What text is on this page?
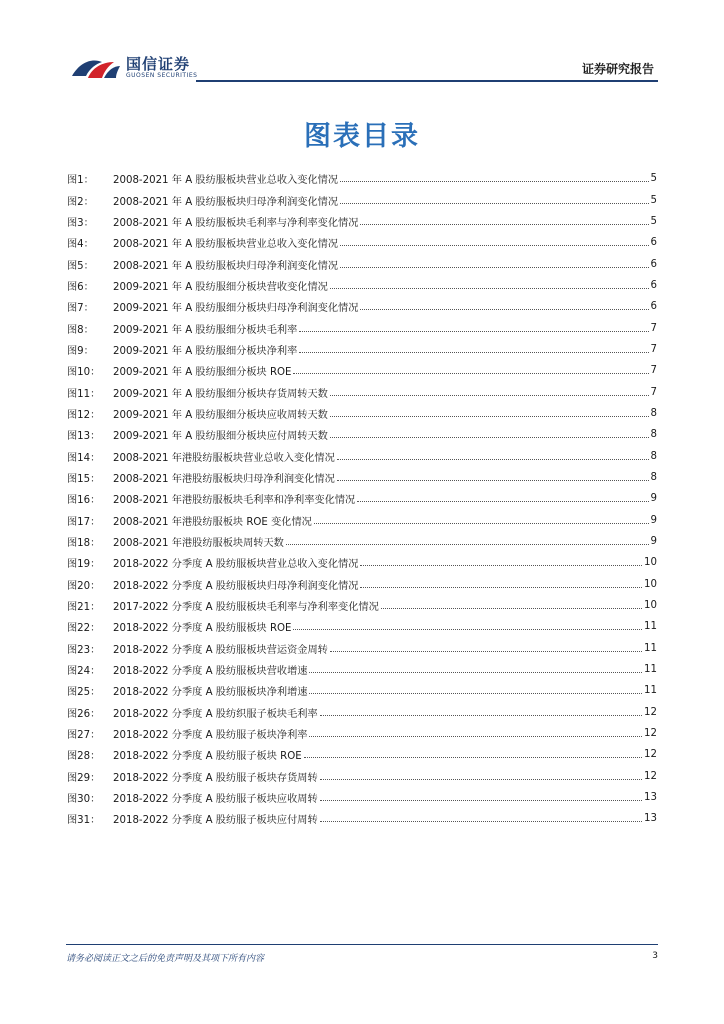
国信证券
GUOSEN SECURITIES	证券研究报告
图表目录
图1：	2008-2021 年 A 股纺服板块营业总收入变化情况	5
图2：	2008-2021 年 A 股纺服板块归母净利润变化情况	5
图3：	2008-2021 年 A 股纺服板块毛利率与净利率变化情况	5
图4：	2008-2021 年 A 股纺服板块营业总收入变化情况	6
图5：	2008-2021 年 A 股纺服板块归母净利润变化情况	6
图6：	2009-2021 年 A 股纺服细分板块营收变化情况	6
图7：	2009-2021 年 A 股纺服细分板块归母净利润变化情况	6
图8：	2009-2021 年 A 股纺服细分板块毛利率	7
图9：	2009-2021 年 A 股纺服细分板块净利率	7
图10：	2009-2021 年 A 股纺服细分板块 ROE	7
图11：	2009-2021 年 A 股纺服细分板块存货周转天数	7
图12：	2009-2021 年 A 股纺服细分板块应收周转天数	8
图13：	2009-2021 年 A 股纺服细分板块应付周转天数	8
图14：	2008-2021 年港股纺服板块营业总收入变化情况	8
图15：	2008-2021 年港股纺服板块归母净利润变化情况	8
图16：	2008-2021 年港股纺服板块毛利率和净利率变化情况	9
图17：	2008-2021 年港股纺服板块 ROE 变化情况	9
图18：	2008-2021 年港股纺服板块周转天数	9
图19：	2018-2022 分季度 A 股纺服板块营业总收入变化情况	10
图20：	2018-2022 分季度 A 股纺服板块归母净利润变化情况	10
图21：	2017-2022 分季度 A 股纺服板块毛利率与净利率变化情况	10
图22：	2018-2022 分季度 A 股纺服板块 ROE	11
图23：	2018-2022 分季度 A 股纺服板块营运资金周转	11
图24：	2018-2022 分季度 A 股纺服板块营收增速	11
图25：	2018-2022 分季度 A 股纺服板块净利增速	11
图26：	2018-2022 分季度 A 股纺织服子板块毛利率	12
图27：	2018-2022 分季度 A 股纺服子板块净利率	12
图28：	2018-2022 分季度 A 股纺服子板块 ROE	12
图29：	2018-2022 分季度 A 股纺服子板块存货周转	12
图30：	2018-2022 分季度 A 股纺服子板块应收周转	13
图31：	2018-2022 分季度 A 股纺服子板块应付周转	13
请务必阅读正文之后的免责声明及其项下所有内容	3
